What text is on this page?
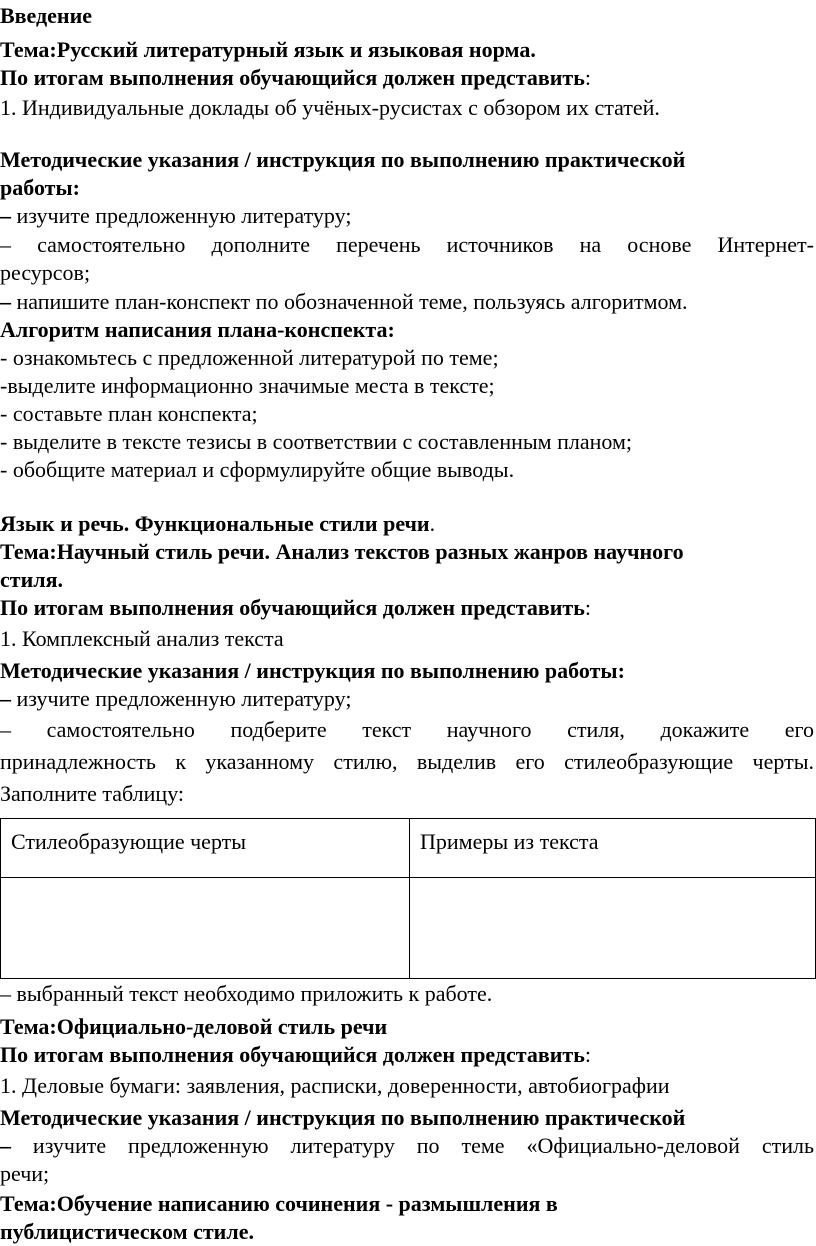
Введение
Тема:Русский литературный язык и языковая норма.
По итогам выполнения обучающийся должен представить:
1. Индивидуальные доклады об учёных-русистах с обзором их статей.
Методические указания / инструкция по выполнению практической
работы:
– изучите предложенную литературу;
– самостоятельно дополните перечень источников на основе Интернет-
ресурсов;
– напишите план-конспект по обозначенной теме, пользуясь алгоритмом.
Алгоритм написания плана-конспекта:
- ознакомьтесь с предложенной литературой по теме;
-выделите информационно значимые места в тексте;
- составьте план конспекта;
- выделите в тексте тезисы в соответствии с составленным планом;
- обобщите материал и сформулируйте общие выводы.
Язык и речь. Функциональные стили речи.
Тема:Научный стиль речи. Анализ текстов разных жанров научного
стиля.
По итогам выполнения обучающийся должен представить:
1. Комплексный анализ текста
Методические указания / инструкция по выполнению работы:
– изучите предложенную литературу;
– самостоятельно подберите текст научного стиля, докажите его
принадлежность к указанному стилю, выделив его стилеобразующие черты.
Заполните таблицу:
Стилеобразующие черты	Примеры из текста

– выбранный текст необходимо приложить к работе.
Тема:Официально-деловой стиль речи
По итогам выполнения обучающийся должен представить:
1. Деловые бумаги: заявления, расписки, доверенности, автобиографии
Методические указания / инструкция по выполнению практической
– изучите предложенную литературу по теме «Официально-деловой стиль
речи;
Тема:Обучение написанию сочинения - размышления в
публицистическом стиле.
